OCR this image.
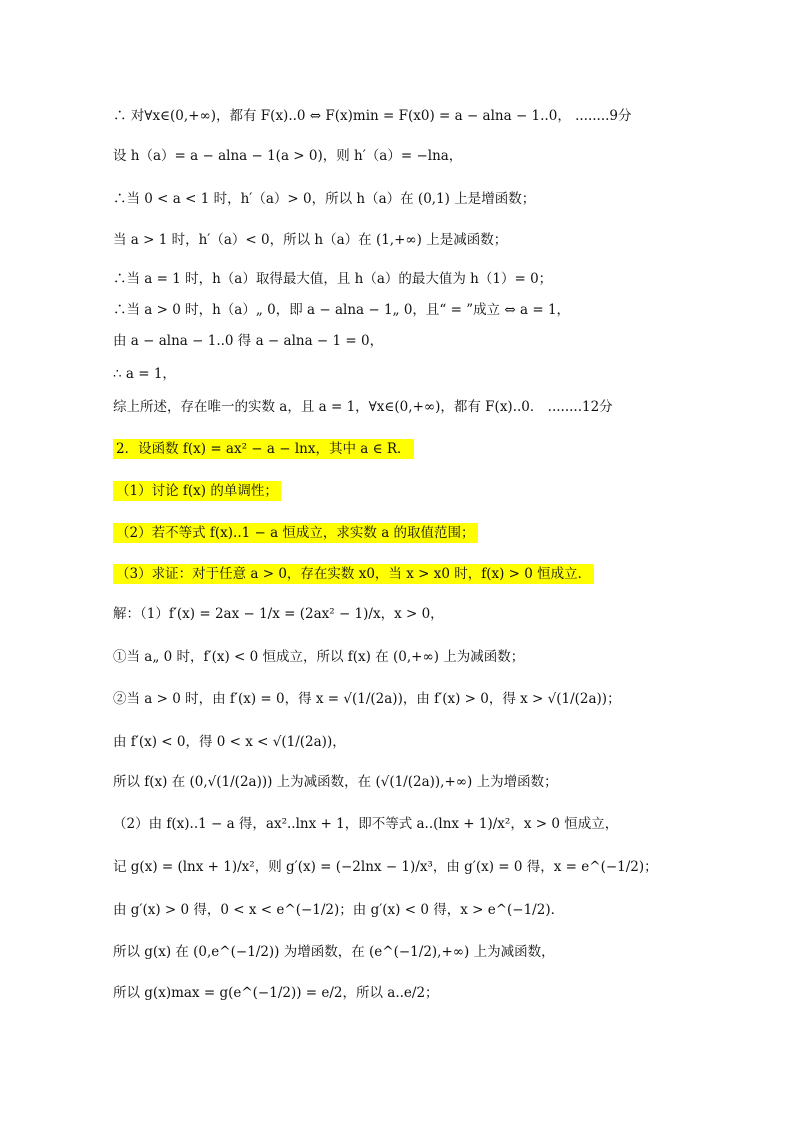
∴ 对∀x∈(0,+∞)，都有 F(x)..0 ⇔ F(x)min = F(x0) = a − alna − 1..0， ........9分
设 h（a）= a − alna − 1(a > 0)，则 h′（a）= −lna，
∴当 0 < a < 1 时，h′（a）> 0，所以 h（a）在 (0,1) 上是增函数；
当 a > 1 时，h′（a）< 0，所以 h（a）在 (1,+∞) 上是减函数；
∴当 a = 1 时，h（a）取得最大值，且 h（a）的最大值为 h（1）= 0；
∴当 a > 0 时，h（a）„ 0，即 a − alna − 1„ 0，且“ = ”成立 ⇔ a = 1，
由 a − alna − 1..0 得 a − alna − 1 = 0，
∴ a = 1，
综上所述，存在唯一的实数 a，且 a = 1，∀x∈(0,+∞)，都有 F(x)..0． ........12分
2．设函数 f(x) = ax² − a − lnx，其中 a ∈ R．
（1）讨论 f(x) 的单调性；
（2）若不等式 f(x)..1 − a 恒成立，求实数 a 的取值范围；
（3）求证：对于任意 a > 0，存在实数 x0，当 x > x0 时，f(x) > 0 恒成立．
解：（1）f′(x) = 2ax − 1/x = (2ax² − 1)/x，x > 0，
①当 a„ 0 时，f′(x) < 0 恒成立，所以 f(x) 在 (0,+∞) 上为减函数；
②当 a > 0 时，由 f′(x) = 0，得 x = √(1/(2a))，由 f′(x) > 0，得 x > √(1/(2a))；
由 f′(x) < 0，得 0 < x < √(1/(2a))，
所以 f(x) 在 (0,√(1/(2a))) 上为减函数，在 (√(1/(2a)),+∞) 上为增函数；
（2）由 f(x)..1 − a 得，ax²..lnx + 1，即不等式 a..(lnx + 1)/x²，x > 0 恒成立，
记 g(x) = (lnx + 1)/x²，则 g′(x) = (−2lnx − 1)/x³，由 g′(x) = 0 得，x = e^(−1/2)；
由 g′(x) > 0 得，0 < x < e^(−1/2)；由 g′(x) < 0 得，x > e^(−1/2)．
所以 g(x) 在 (0,e^(−1/2)) 为增函数，在 (e^(−1/2),+∞) 上为减函数，
所以 g(x)max = g(e^(−1/2)) = e/2，所以 a..e/2；
